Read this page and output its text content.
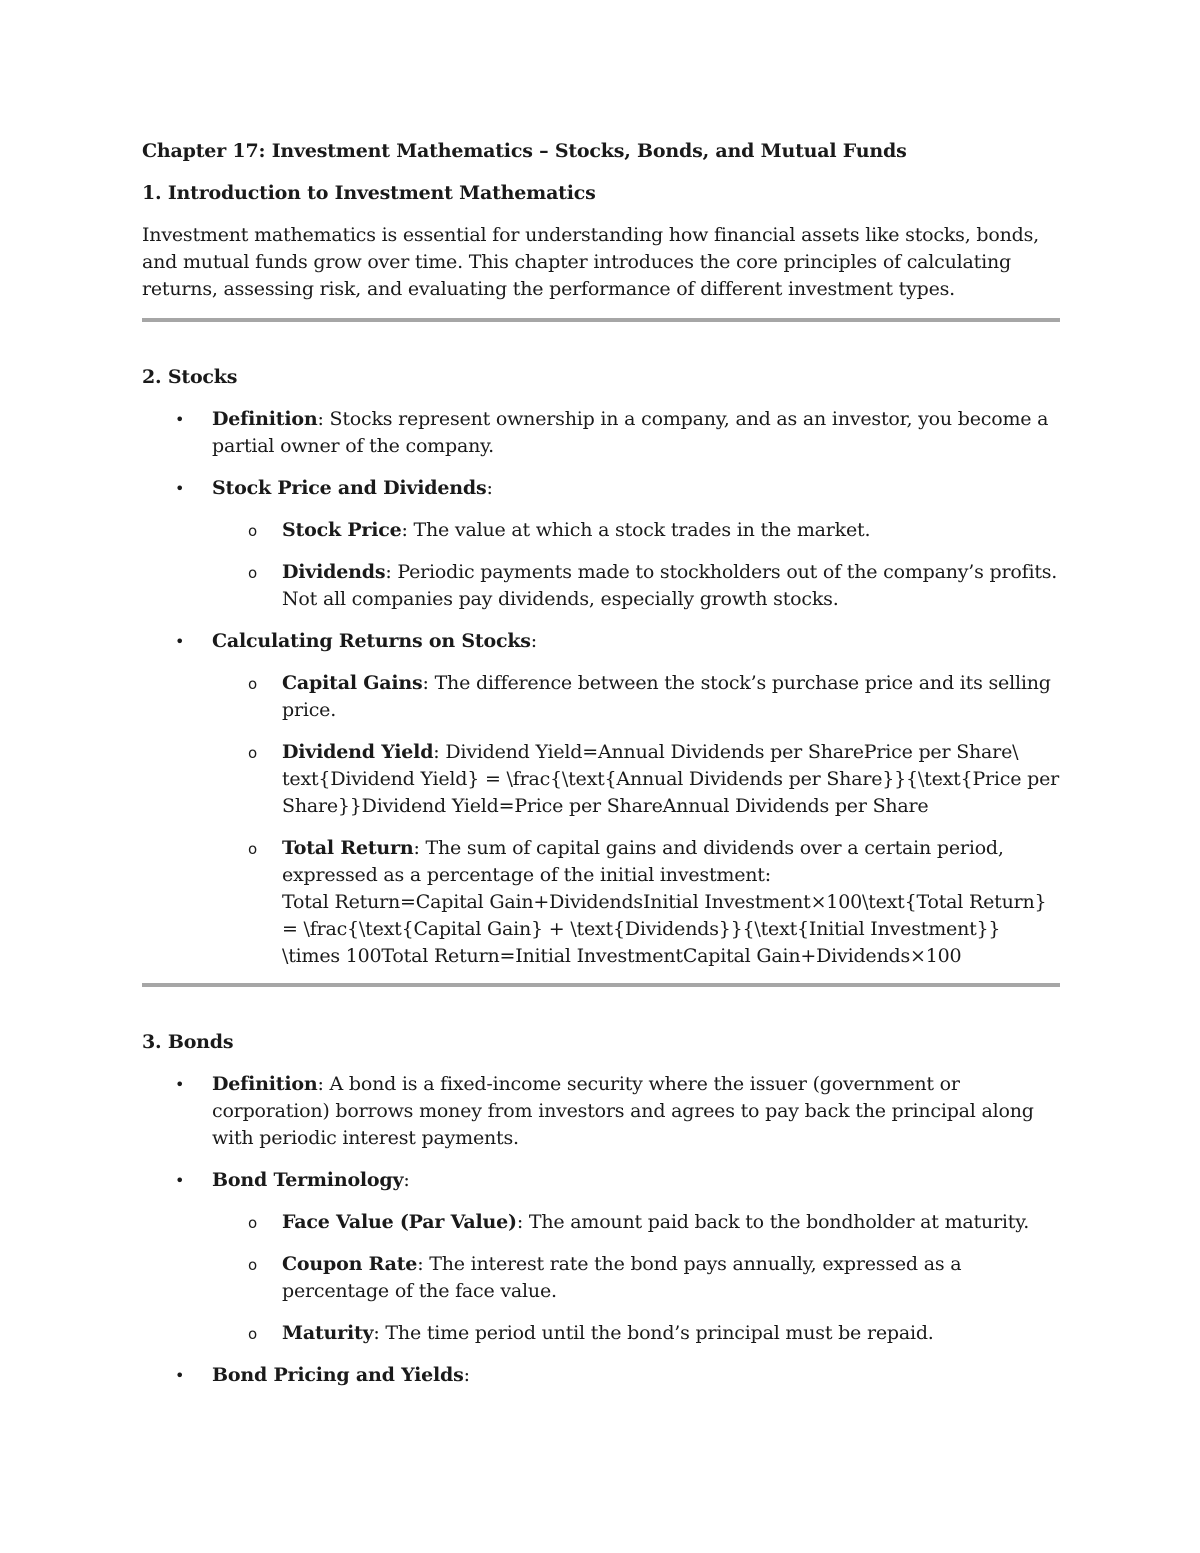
Chapter 17: Investment Mathematics – Stocks, Bonds, and Mutual Funds
1. Introduction to Investment Mathematics
Investment mathematics is essential for understanding how financial assets like stocks, bonds, and mutual funds grow over time. This chapter introduces the core principles of calculating returns, assessing risk, and evaluating the performance of different investment types.
2. Stocks
• Definition: Stocks represent ownership in a company, and as an investor, you become a partial owner of the company.
• Stock Price and Dividends:
o Stock Price: The value at which a stock trades in the market.
o Dividends: Periodic payments made to stockholders out of the company’s profits. Not all companies pay dividends, especially growth stocks.
• Calculating Returns on Stocks:
o Capital Gains: The difference between the stock’s purchase price and its selling price.
o Dividend Yield: Dividend Yield=Annual Dividends per SharePrice per Share\ text{Dividend Yield} = \frac{\text{Annual Dividends per Share}}{\text{Price per Share}}Dividend Yield=Price per ShareAnnual Dividends per Share
o Total Return: The sum of capital gains and dividends over a certain period, expressed as a percentage of the initial investment:
Total Return=Capital Gain+DividendsInitial Investment×100\text{Total Return} = \frac{\text{Capital Gain} + \text{Dividends}}{\text{Initial Investment}} \times 100Total Return=Initial InvestmentCapital Gain+Dividends×100
3. Bonds
• Definition: A bond is a fixed-income security where the issuer (government or corporation) borrows money from investors and agrees to pay back the principal along with periodic interest payments.
• Bond Terminology:
o Face Value (Par Value): The amount paid back to the bondholder at maturity.
o Coupon Rate: The interest rate the bond pays annually, expressed as a percentage of the face value.
o Maturity: The time period until the bond’s principal must be repaid.
• Bond Pricing and Yields:
